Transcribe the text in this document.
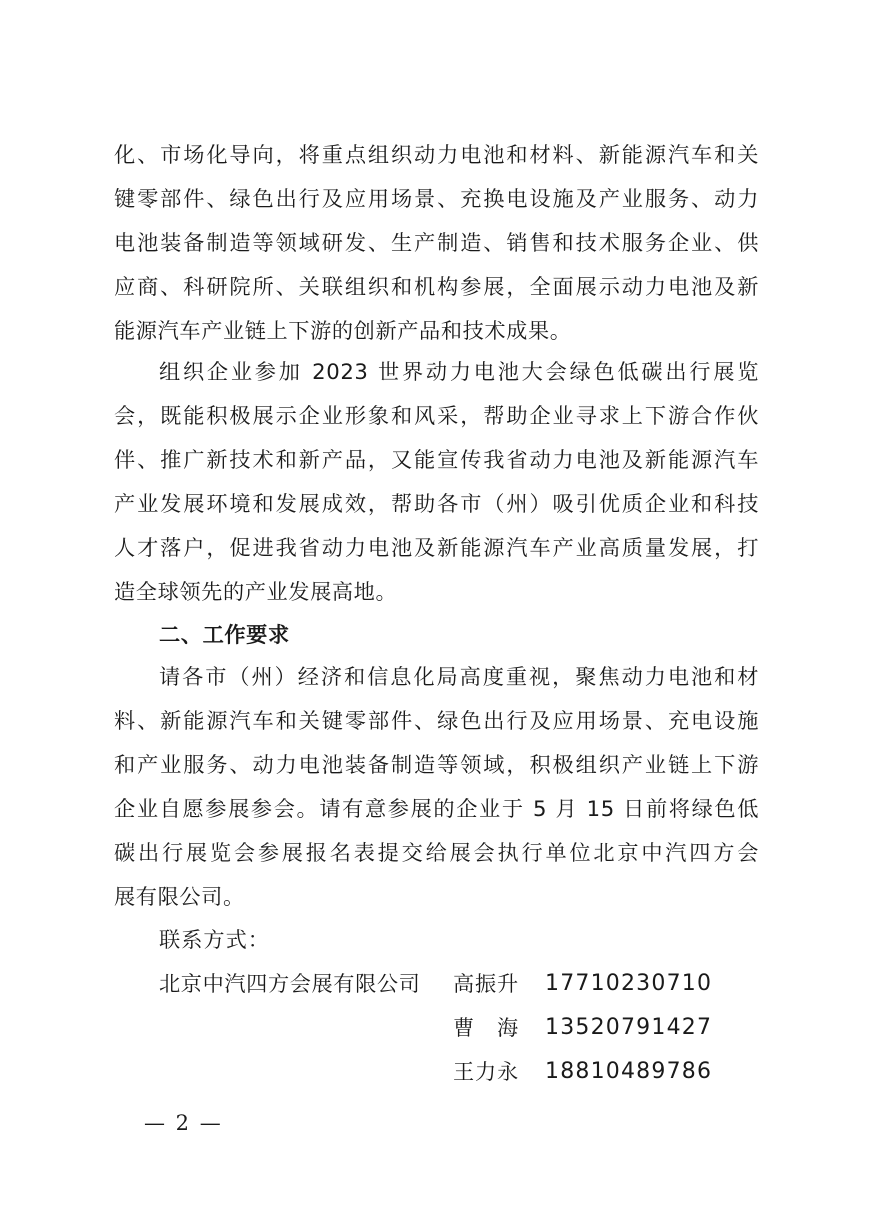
化、市场化导向，将重点组织动力电池和材料、新能源汽车和关
键零部件、绿色出行及应用场景、充换电设施及产业服务、动力
电池装备制造等领域研发、生产制造、销售和技术服务企业、供
应商、科研院所、关联组织和机构参展，全面展示动力电池及新
能源汽车产业链上下游的创新产品和技术成果。
组织企业参加 2023 世界动力电池大会绿色低碳出行展览
会，既能积极展示企业形象和风采，帮助企业寻求上下游合作伙
伴、推广新技术和新产品，又能宣传我省动力电池及新能源汽车
产业发展环境和发展成效，帮助各市（州）吸引优质企业和科技
人才落户，促进我省动力电池及新能源汽车产业高质量发展，打
造全球领先的产业发展高地。
二、工作要求
请各市（州）经济和信息化局高度重视，聚焦动力电池和材
料、新能源汽车和关键零部件、绿色出行及应用场景、充电设施
和产业服务、动力电池装备制造等领域，积极组织产业链上下游
企业自愿参展参会。请有意参展的企业于 5 月 15 日前将绿色低
碳出行展览会参展报名表提交给展会执行单位北京中汽四方会
展有限公司。
联系方式：
北京中汽四方会展有限公司 高振升 17710230710
曹　海 13520791427
王力永 18810489786
— 2 —
